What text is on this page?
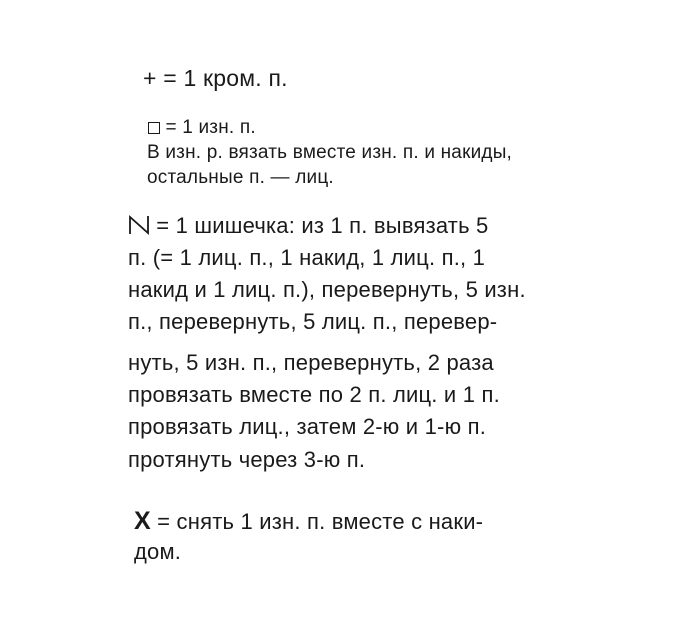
+ = 1 кром. п.
= 1 изн. п.
В изн. р. вязать вместе изн. п. и накиды,
остальные п. — лиц.
= 1 шишечка: из 1 п. вывязать 5
п. (= 1 лиц. п., 1 накид, 1 лиц. п., 1
накид и 1 лиц. п.), перевернуть, 5 изн.
п., перевернуть, 5 лиц. п., перевер-
нуть, 5 изн. п., перевернуть, 2 раза
провязать вместе по 2 п. лиц. и 1 п.
провязать лиц., затем 2-ю и 1-ю п.
протянуть через 3-ю п.
X = снять 1 изн. п. вместе с наки-
дом.
